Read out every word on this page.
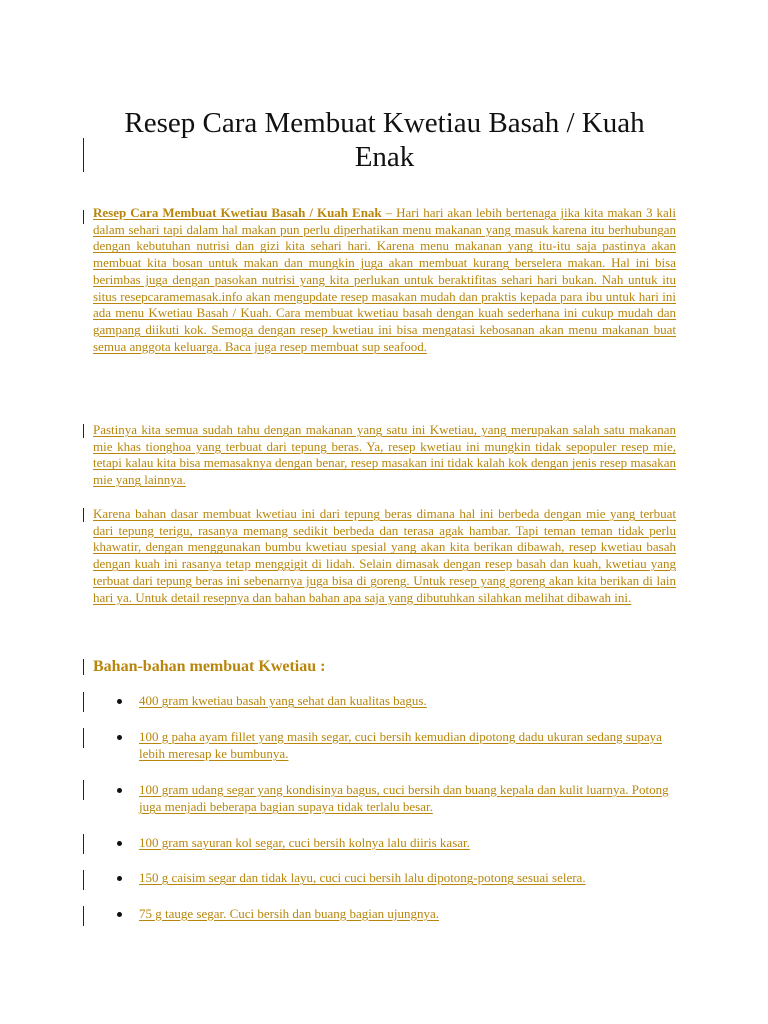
Resep Cara Membuat Kwetiau Basah / Kuah Enak

Resep Cara Membuat Kwetiau Basah / Kuah Enak – Hari hari akan lebih bertenaga jika kita makan 3 kali dalam sehari tapi dalam hal makan pun perlu diperhatikan menu makanan yang masuk karena itu berhubungan dengan kebutuhan nutrisi dan gizi kita sehari hari. Karena menu makanan yang itu-itu saja pastinya akan membuat kita bosan untuk makan dan mungkin juga akan membuat kurang berselera makan. Hal ini bisa berimbas juga dengan pasokan nutrisi yang kita perlukan untuk beraktifitas sehari hari bukan. Nah untuk itu situs resepcaramemasak.info akan mengupdate resep masakan mudah dan praktis kepada para ibu untuk hari ini ada menu Kwetiau Basah / Kuah. Cara membuat kwetiau basah dengan kuah sederhana ini cukup mudah dan gampang diikuti kok. Semoga dengan resep kwetiau ini bisa mengatasi kebosanan akan menu makanan buat semua anggota keluarga. Baca juga resep membuat sup seafood.

Pastinya kita semua sudah tahu dengan makanan yang satu ini Kwetiau, yang merupakan salah satu makanan mie khas tionghoa yang terbuat dari tepung beras. Ya, resep kwetiau ini mungkin tidak sepopuler resep mie, tetapi kalau kita bisa memasaknya dengan benar, resep masakan ini tidak kalah kok dengan jenis resep masakan mie yang lainnya.

Karena bahan dasar membuat kwetiau ini dari tepung beras dimana hal ini berbeda dengan mie yang terbuat dari tepung terigu, rasanya memang sedikit berbeda dan terasa agak hambar. Tapi teman teman tidak perlu khawatir, dengan menggunakan bumbu kwetiau spesial yang akan kita berikan dibawah, resep kwetiau basah dengan kuah ini rasanya tetap menggigit di lidah. Selain dimasak dengan resep basah dan kuah, kwetiau yang terbuat dari tepung beras ini sebenarnya juga bisa di goreng. Untuk resep yang goreng akan kita berikan di lain hari ya. Untuk detail resepnya dan bahan bahan apa saja yang dibutuhkan silahkan melihat dibawah ini.

Bahan-bahan membuat Kwetiau :
400 gram kwetiau basah yang sehat dan kualitas bagus.
100 g paha ayam fillet yang masih segar, cuci bersih kemudian dipotong dadu ukuran sedang supaya lebih meresap ke bumbunya.
100 gram udang segar yang kondisinya bagus, cuci bersih dan buang kepala dan kulit luarnya. Potong juga menjadi beberapa bagian supaya tidak terlalu besar.
100 gram sayuran kol segar, cuci bersih kolnya lalu diiris kasar.
150 g caisim segar dan tidak layu, cuci cuci bersih lalu dipotong-potong sesuai selera.
75 g tauge segar. Cuci bersih dan buang bagian ujungnya.
